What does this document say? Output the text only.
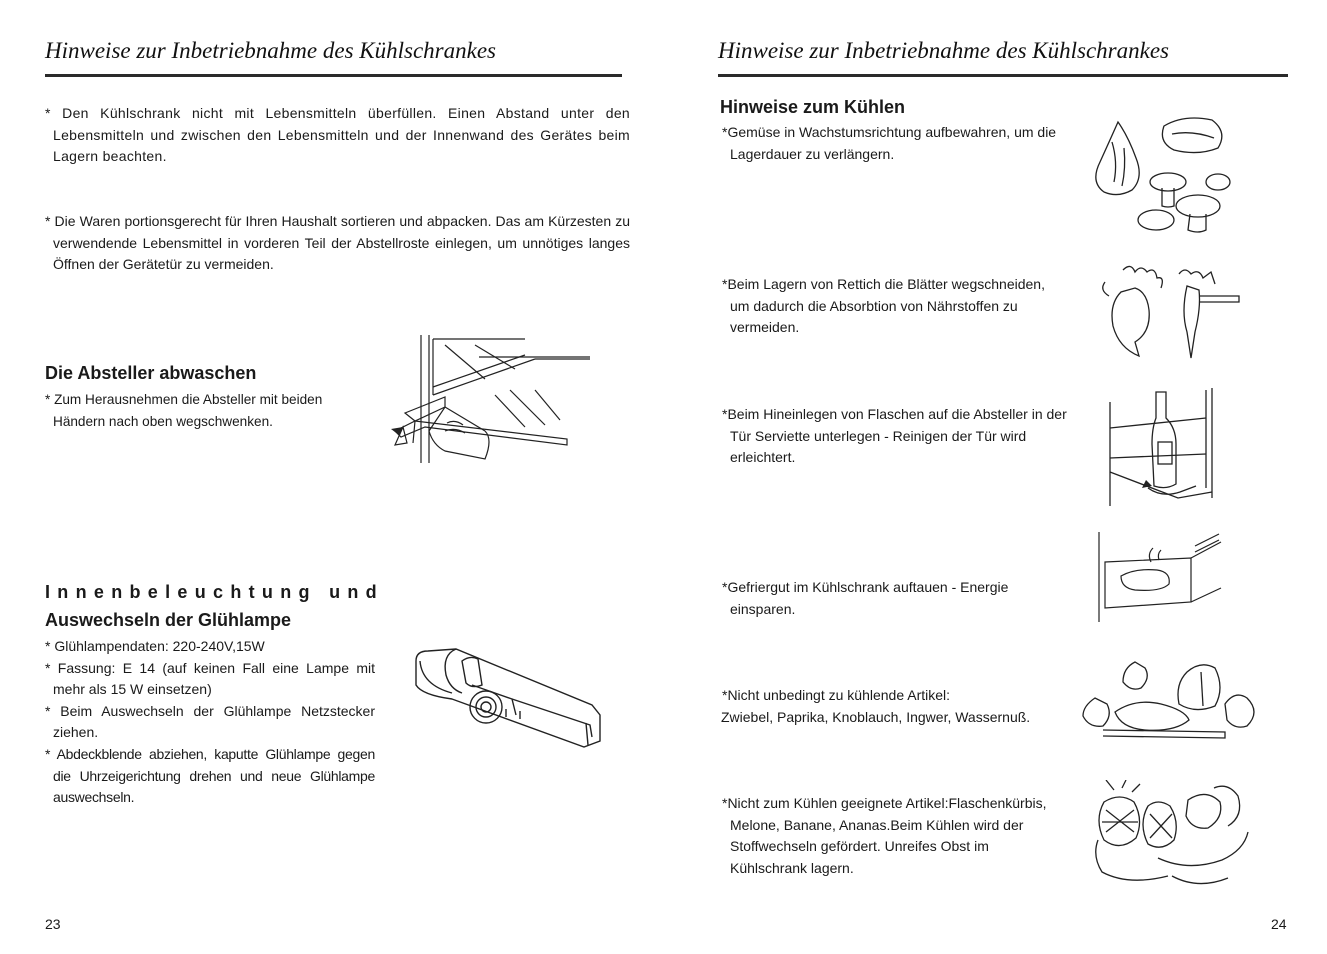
Hinweise zur Inbetriebnahme des Kühlschrankes
* Den Kühlschrank nicht mit Lebensmitteln überfüllen. Einen Abstand unter den Lebensmitteln und zwischen den Lebensmitteln und der Innenwand des Gerätes beim Lagern beachten.
* Die Waren portionsgerecht für Ihren Haushalt sortieren und abpacken. Das am Kürzesten zu verwendende Lebensmittel in vorderen Teil der Abstellroste einlegen, um unnötiges langes Öffnen der Gerätetür zu vermeiden.
Die Absteller abwaschen
* Zum Herausnehmen die Absteller mit beiden Händern nach oben wegschwenken.
Innenbeleuchtung und
Auswechseln der Glühlampe

* Glühlampendaten: 220-240V,15W

* Fassung: E 14 (auf keinen Fall eine Lampe mit mehr als 15 W einsetzen)

* Beim Auswechseln der Glühlampe Netzstecker ziehen.

* Abdeckblende abziehen, kaputte Glühlampe gegen die Uhrzeigerichtung drehen und neue Glühlampe auswechseln.

23
Hinweise zur Inbetriebnahme des Kühlschrankes
Hinweise zum Kühlen
*Gemüse in Wachstumsrichtung aufbewahren, um die Lagerdauer zu verlängern.
*Beim Lagern von Rettich die Blätter wegschneiden, um dadurch die Absorbtion von Nährstoffen zu vermeiden.
*Beim Hineinlegen von Flaschen auf die Absteller in der Tür Serviette unterlegen - Reinigen der Tür wird erleichtert.
*Gefriergut im Kühlschrank auftauen - Energie einsparen.

*Nicht unbedingt zu kühlende Artikel:

Zwiebel, Paprika, Knoblauch, Ingwer, Wassernuß.

*Nicht zum Kühlen geeignete Artikel:Flaschenkürbis, Melone, Banane, Ananas.Beim Kühlen wird der Stoffwechseln gefördert. Unreifes Obst im Kühlschrank lagern.
24
